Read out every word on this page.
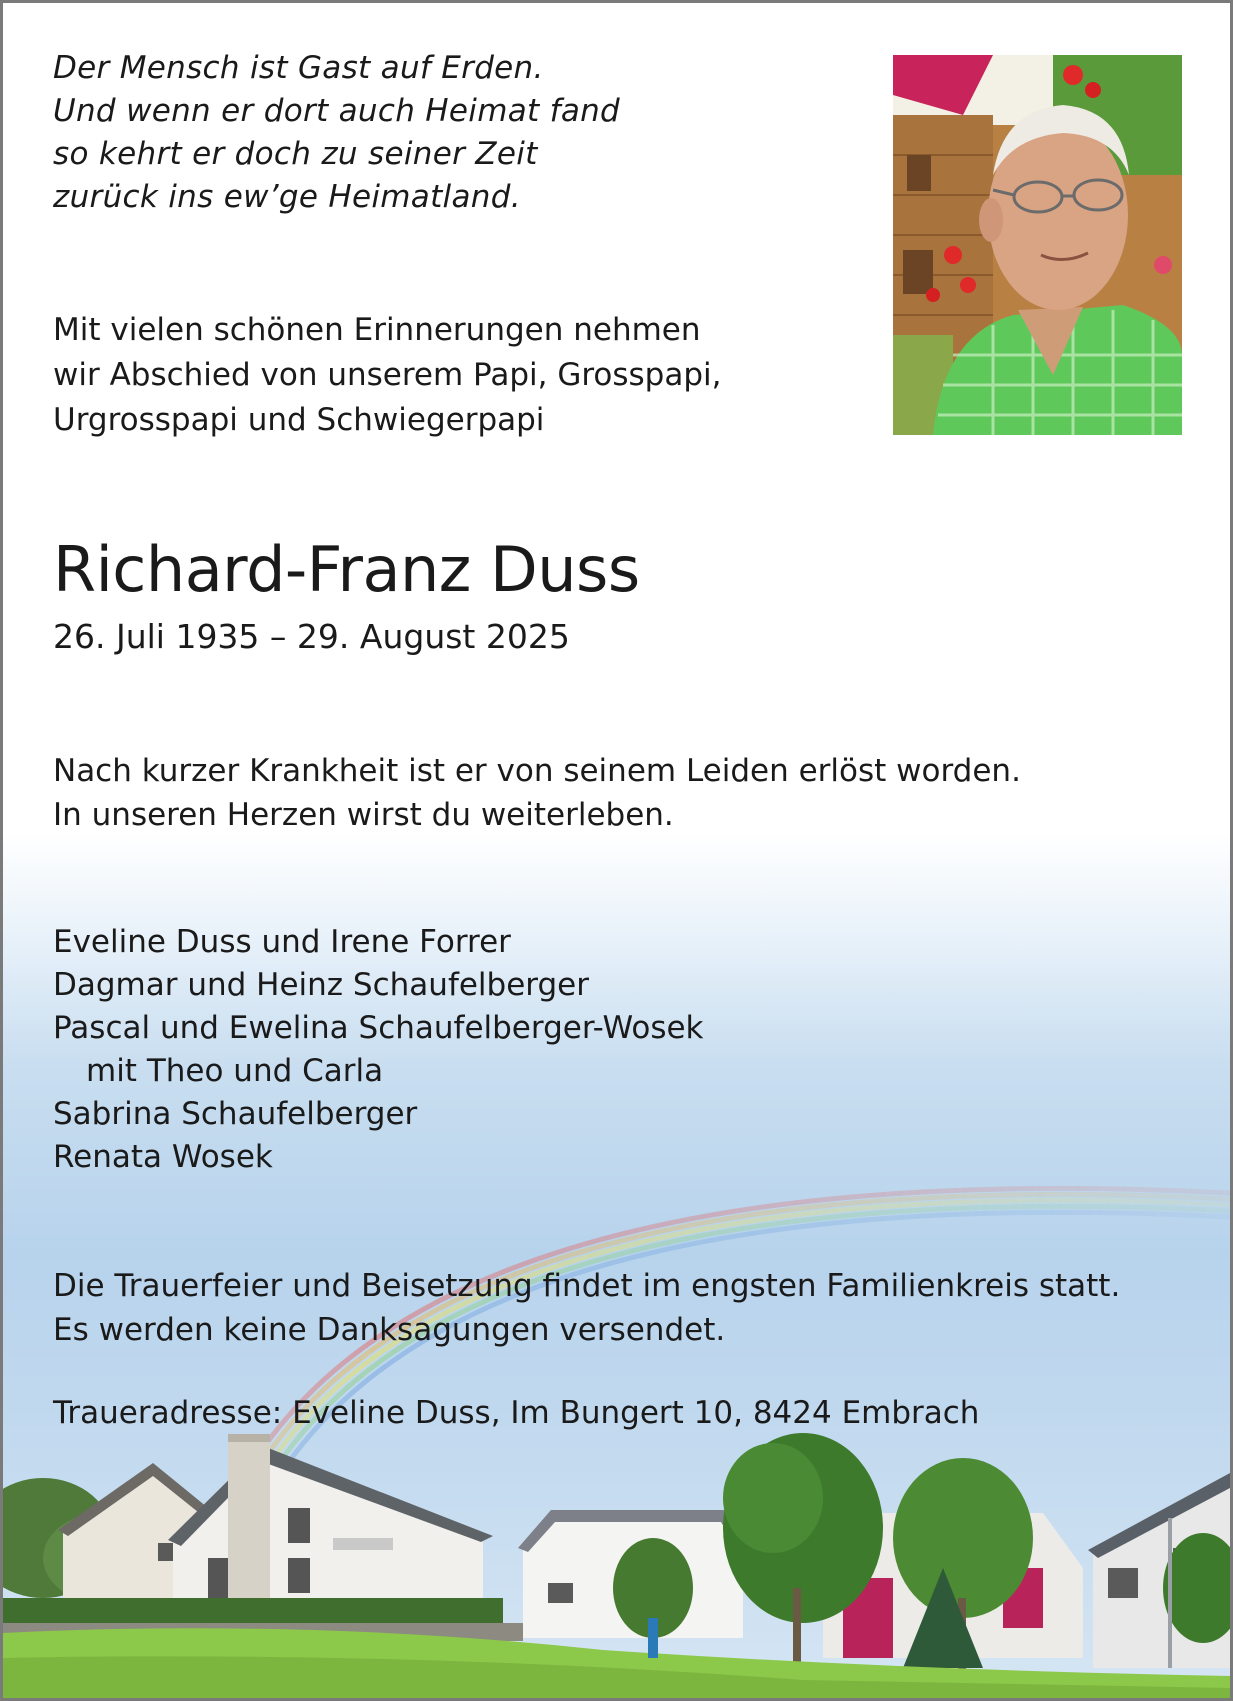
Der Mensch ist Gast auf Erden.
Und wenn er dort auch Heimat fand
so kehrt er doch zu seiner Zeit
zurück ins ew’ge Heimatland.
Mit vielen schönen Erinnerungen nehmen
wir Abschied von unserem Papi, Grosspapi,
Urgrosspapi und Schwiegerpapi
Richard-Franz Duss
26. Juli 1935 – 29. August 2025
Nach kurzer Krankheit ist er von seinem Leiden erlöst worden.
In unseren Herzen wirst du weiterleben.
Eveline Duss und Irene Forrer
Dagmar und Heinz Schaufelberger
Pascal und Ewelina Schaufelberger-Wosek
mit Theo und Carla
Sabrina Schaufelberger
Renata Wosek
Die Trauerfeier und Beisetzung findet im engsten Familienkreis statt.
Es werden keine Danksagungen versendet.
Traueradresse: Eveline Duss, Im Bungert 10, 8424 Embrach
